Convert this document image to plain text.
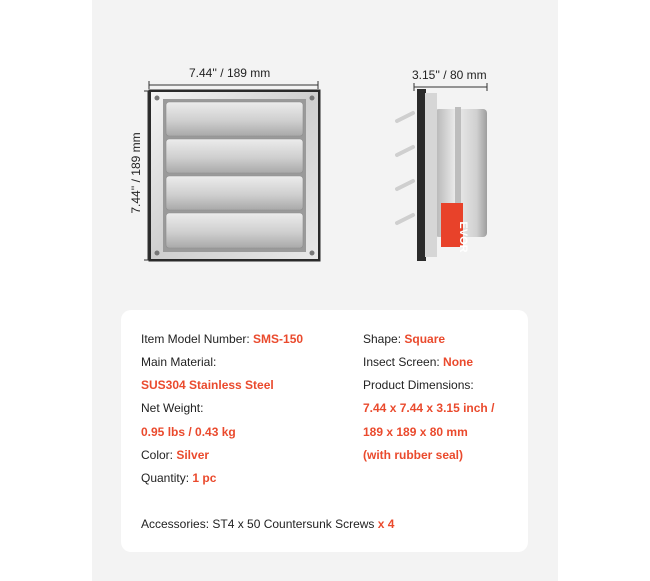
7.44'' / 189 mm
7.44'' / 189 mm
3.15'' / 80 mm
EVOR
Item Model Number: SMS-150
Main Material:
SUS304 Stainless Steel
Net Weight:
0.95 lbs / 0.43 kg
Color: Silver
Quantity: 1 pc
Shape: Square
Insect Screen: None
Product Dimensions:
7.44 x 7.44 x 3.15 inch /
189 x 189 x 80 mm
(with rubber seal)
Accessories: ST4 x 50 Countersunk Screws x 4
